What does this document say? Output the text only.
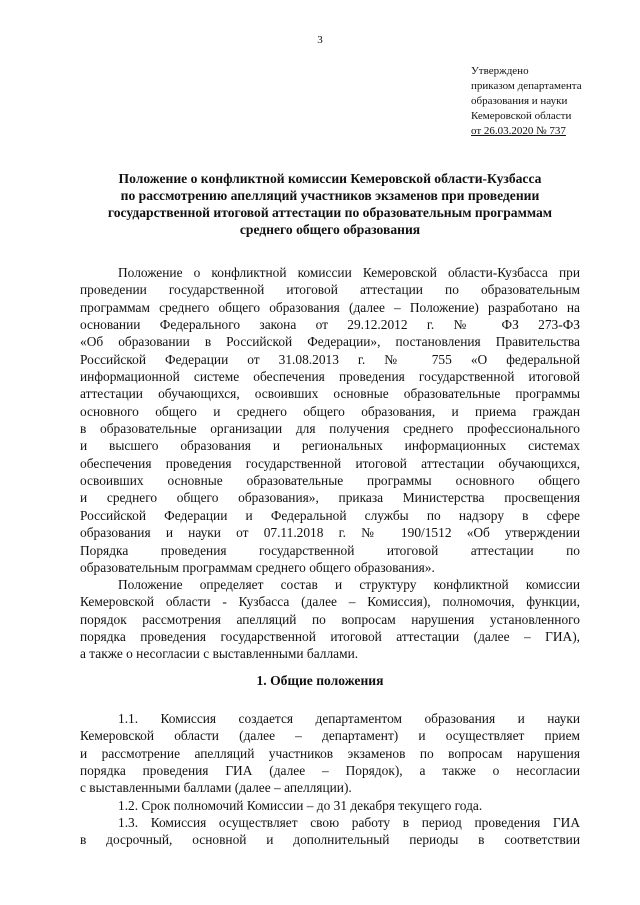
3
Утверждено
приказом департамента
образования и науки
Кемеровской области
от 26.03.2020 № 737
Положение о конфликтной комиссии Кемеровской области-Кузбасса
по рассмотрению апелляций участников экзаменов при проведении
государственной итоговой аттестации по образовательным программам
среднего общего образования
Положение о конфликтной комиссии Кемеровской области-Кузбасса при
проведении государственной итоговой аттестации по образовательным
программам среднего общего образования (далее – Положение) разработано на
основании Федерального закона от 29.12.2012 г. № ФЗ 273-ФЗ
«Об образовании в Российской Федерации», постановления Правительства
Российской Федерации от 31.08.2013 г. № 755 «О федеральной
информационной системе обеспечения проведения государственной итоговой
аттестации обучающихся, освоивших основные образовательные программы
основного общего и среднего общего образования, и приема граждан
в образовательные организации для получения среднего профессионального
и высшего образования и региональных информационных системах
обеспечения проведения государственной итоговой аттестации обучающихся,
освоивших основные образовательные программы основного общего
и среднего общего образования», приказа Министерства просвещения
Российской Федерации и Федеральной службы по надзору в сфере
образования и науки от 07.11.2018 г. № 190/1512 «Об утверждении
Порядка проведения государственной итоговой аттестации по
образовательным программам среднего общего образования».
Положение определяет состав и структуру конфликтной комиссии
Кемеровской области - Кузбасса (далее – Комиссия), полномочия, функции,
порядок рассмотрения апелляций по вопросам нарушения установленного
порядка проведения государственной итоговой аттестации (далее – ГИА),
а также о несогласии с выставленными баллами.
1. Общие положения
1.1. Комиссия создается департаментом образования и науки
Кемеровской области (далее – департамент) и осуществляет прием
и рассмотрение апелляций участников экзаменов по вопросам нарушения
порядка проведения ГИА (далее – Порядок), а также о несогласии
с выставленными баллами (далее – апелляции).
1.2. Срок полномочий Комиссии – до 31 декабря текущего года.
1.3. Комиссия осуществляет свою работу в период проведения ГИА
в досрочный, основной и дополнительный периоды в соответствии
